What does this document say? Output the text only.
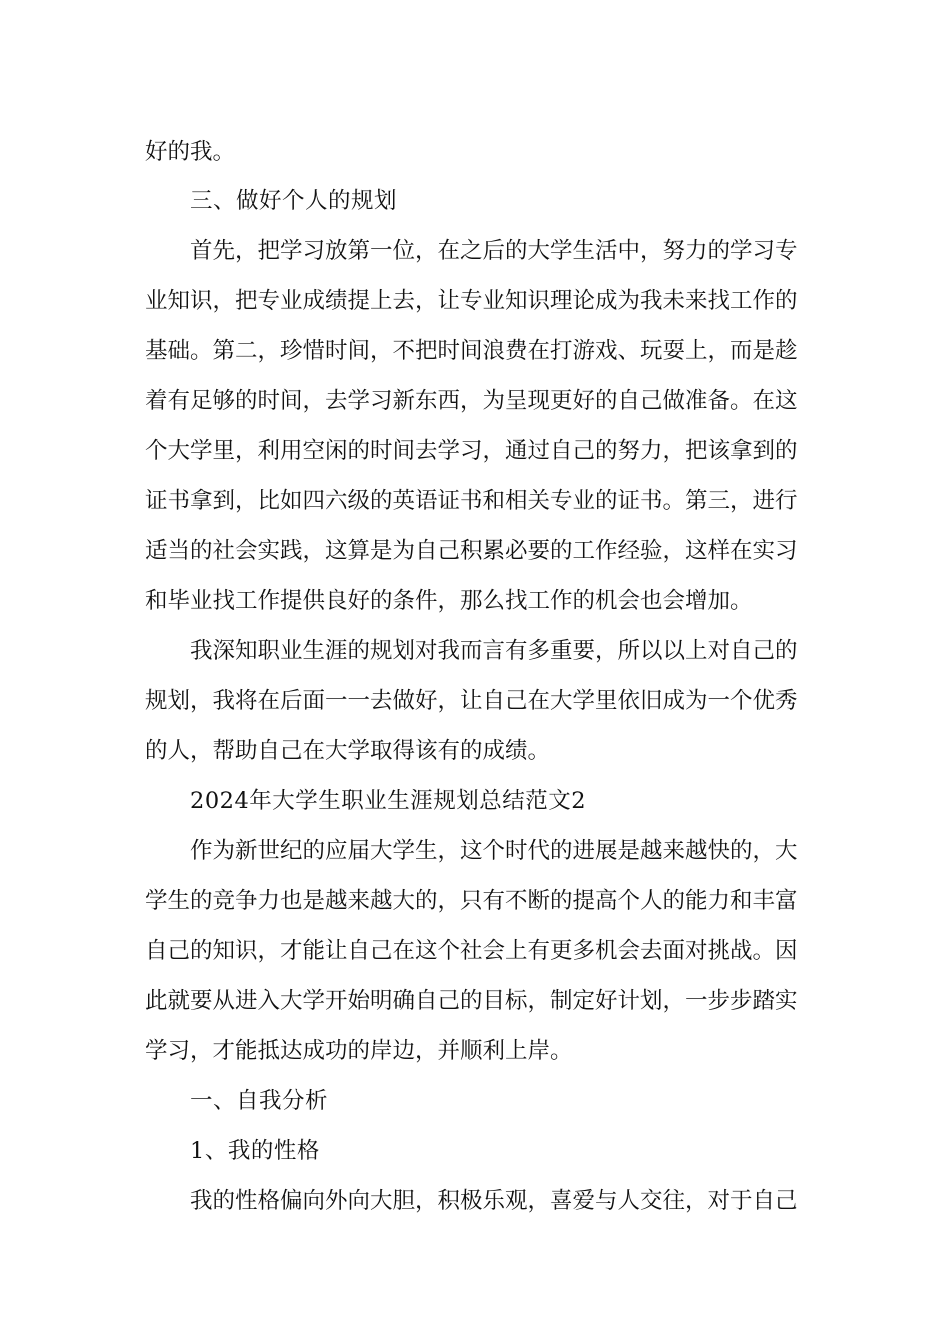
好的我。
三、做好个人的规划
首先，把学习放第一位，在之后的大学生活中，努力的学习专
业知识，把专业成绩提上去，让专业知识理论成为我未来找工作的
基础。第二，珍惜时间，不把时间浪费在打游戏、玩耍上，而是趁
着有足够的时间，去学习新东西，为呈现更好的自己做准备。在这
个大学里，利用空闲的时间去学习，通过自己的努力，把该拿到的
证书拿到，比如四六级的英语证书和相关专业的证书。第三，进行
适当的社会实践，这算是为自己积累必要的工作经验，这样在实习
和毕业找工作提供良好的条件，那么找工作的机会也会增加。
我深知职业生涯的规划对我而言有多重要，所以以上对自己的
规划，我将在后面一一去做好，让自己在大学里依旧成为一个优秀
的人，帮助自己在大学取得该有的成绩。
2024年大学生职业生涯规划总结范文2
作为新世纪的应届大学生，这个时代的进展是越来越快的，大
学生的竞争力也是越来越大的，只有不断的提高个人的能力和丰富
自己的知识，才能让自己在这个社会上有更多机会去面对挑战。因
此就要从进入大学开始明确自己的目标，制定好计划，一步步踏实
学习，才能抵达成功的岸边，并顺利上岸。
一、自我分析
1、我的性格
我的性格偏向外向大胆，积极乐观，喜爱与人交往，对于自己
